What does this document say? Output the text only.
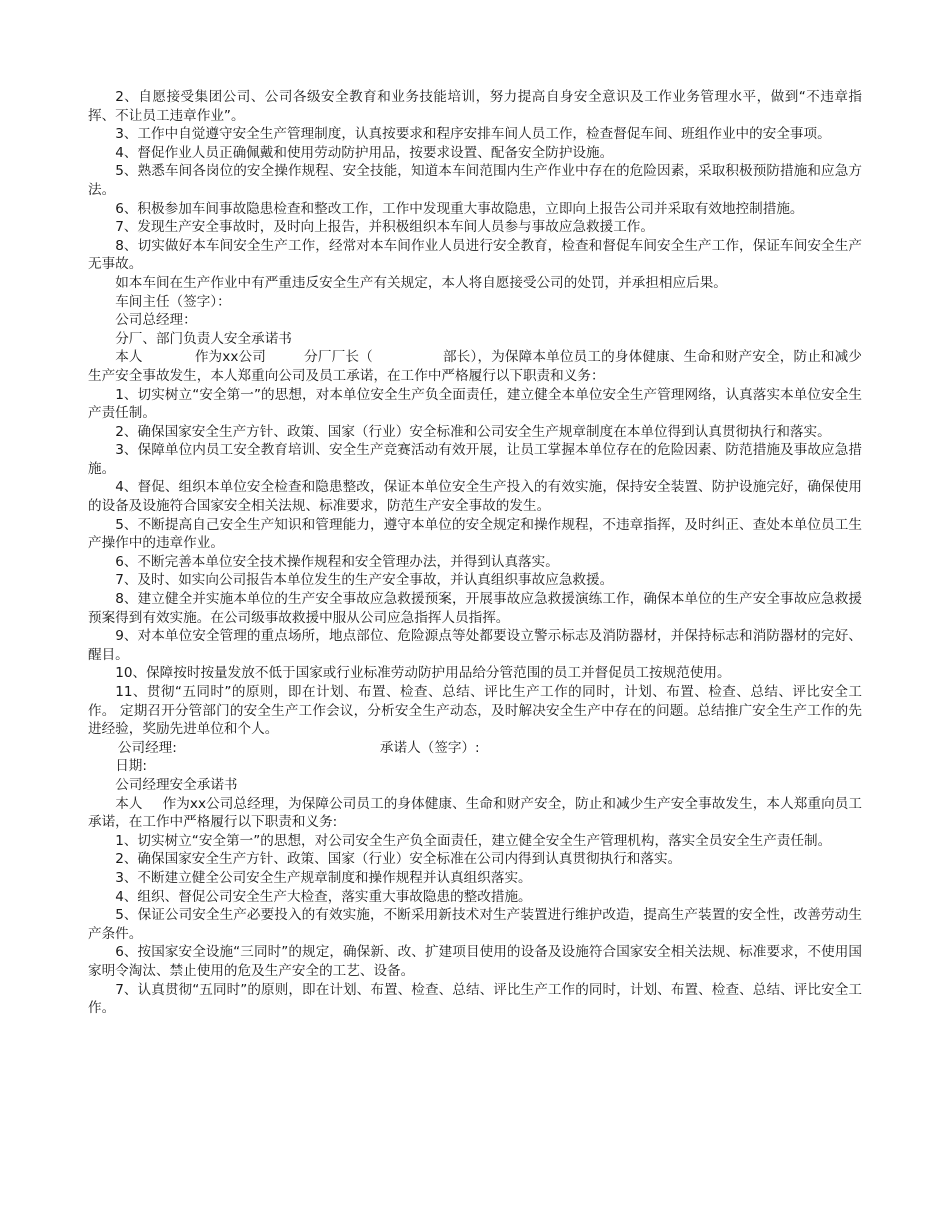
2、自愿接受集团公司、公司各级安全教育和业务技能培训，努力提高自身安全意识及工作业务管理水平，做到“不违章指挥、不让员工违章作业”。

3、工作中自觉遵守安全生产管理制度，认真按要求和程序安排车间人员工作，检查督促车间、班组作业中的安全事项。

4、督促作业人员正确佩戴和使用劳动防护用品，按要求设置、配备安全防护设施。

5、熟悉车间各岗位的安全操作规程、安全技能，知道本车间范围内生产作业中存在的危险因素，采取积极预防措施和应急方法。

6、积极参加车间事故隐患检查和整改工作，工作中发现重大事故隐患，立即向上报告公司并采取有效地控制措施。

7、发现生产安全事故时，及时向上报告，并积极组织本车间人员参与事故应急救援工作。

8、切实做好本车间安全生产工作，经常对本车间作业人员进行安全教育，检查和督促车间安全生产工作，保证车间安全生产无事故。

如本车间在生产作业中有严重违反安全生产有关规定，本人将自愿接受公司的处罚，并承担相应后果。

车间主任（签字）：

公司总经理：

分厂、部门负责人安全承诺书

本人	作为xx公司	分厂厂长（	部长），为保障本单位员工的身体健康、生命和财产安全，防止和减少生产安全事故发生，本人郑重向公司及员工承诺，在工作中严格履行以下职责和义务：

1、切实树立“安全第一”的思想，对本单位安全生产负全面责任，建立健全本单位安全生产管理网络，认真落实本单位安全生产责任制。

2、确保国家安全生产方针、政策、国家（行业）安全标准和公司安全生产规章制度在本单位得到认真贯彻执行和落实。

3、保障单位内员工安全教育培训、安全生产竞赛活动有效开展，让员工掌握本单位存在的危险因素、防范措施及事故应急措施。

4、督促、组织本单位安全检查和隐患整改，保证本单位安全生产投入的有效实施，保持安全装置、防护设施完好，确保使用的设备及设施符合国家安全相关法规、标准要求，防范生产安全事故的发生。

5、不断提高自己安全生产知识和管理能力，遵守本单位的安全规定和操作规程，不违章指挥，及时纠正、查处本单位员工生产操作中的违章作业。

6、不断完善本单位安全技术操作规程和安全管理办法，并得到认真落实。

7、及时、如实向公司报告本单位发生的生产安全事故，并认真组织事故应急救援。

8、建立健全并实施本单位的生产安全事故应急救援预案，开展事故应急救援演练工作，确保本单位的生产安全事故应急救援预案得到有效实施。在公司级事故救援中服从公司应急指挥人员指挥。

9、对本单位安全管理的重点场所，地点部位、危险源点等处都要设立警示标志及消防器材，并保持标志和消防器材的完好、醒目。

10、保障按时按量发放不低于国家或行业标准劳动防护用品给分管范围的员工并督促员工按规范使用。

11、贯彻“五同时”的原则，即在计划、布置、检查、总结、评比生产工作的同时，计划、布置、检查、总结、评比安全工作。 定期召开分管部门的安全生产工作会议，分析安全生产动态，及时解决安全生产中存在的问题。总结推广安全生产工作的先进经验，奖励先进单位和个人。

公司经理:	承诺人（签字）:

日期:

公司经理安全承诺书

本人 作为xx公司总经理，为保障公司员工的身体健康、生命和财产安全，防止和减少生产安全事故发生，本人郑重向员工承诺，在工作中严格履行以下职责和义务:

1、切实树立“安全第一”的思想，对公司安全生产负全面责任，建立健全安全生产管理机构，落实全员安全生产责任制。

2、确保国家安全生产方针、政策、国家（行业）安全标准在公司内得到认真贯彻执行和落实。

3、不断建立健全公司安全生产规章制度和操作规程并认真组织落实。

4、组织、督促公司安全生产大检查，落实重大事故隐患的整改措施。

5、保证公司安全生产必要投入的有效实施，不断采用新技术对生产装置进行维护改造，提高生产装置的安全性，改善劳动生产条件。

6、按国家安全设施“三同时”的规定，确保新、改、扩建项目使用的设备及设施符合国家安全相关法规、标准要求，不使用国家明令淘汰、禁止使用的危及生产安全的工艺、设备。

7、认真贯彻“五同时”的原则，即在计划、布置、检查、总结、评比生产工作的同时，计划、布置、检查、总结、评比安全工作。
